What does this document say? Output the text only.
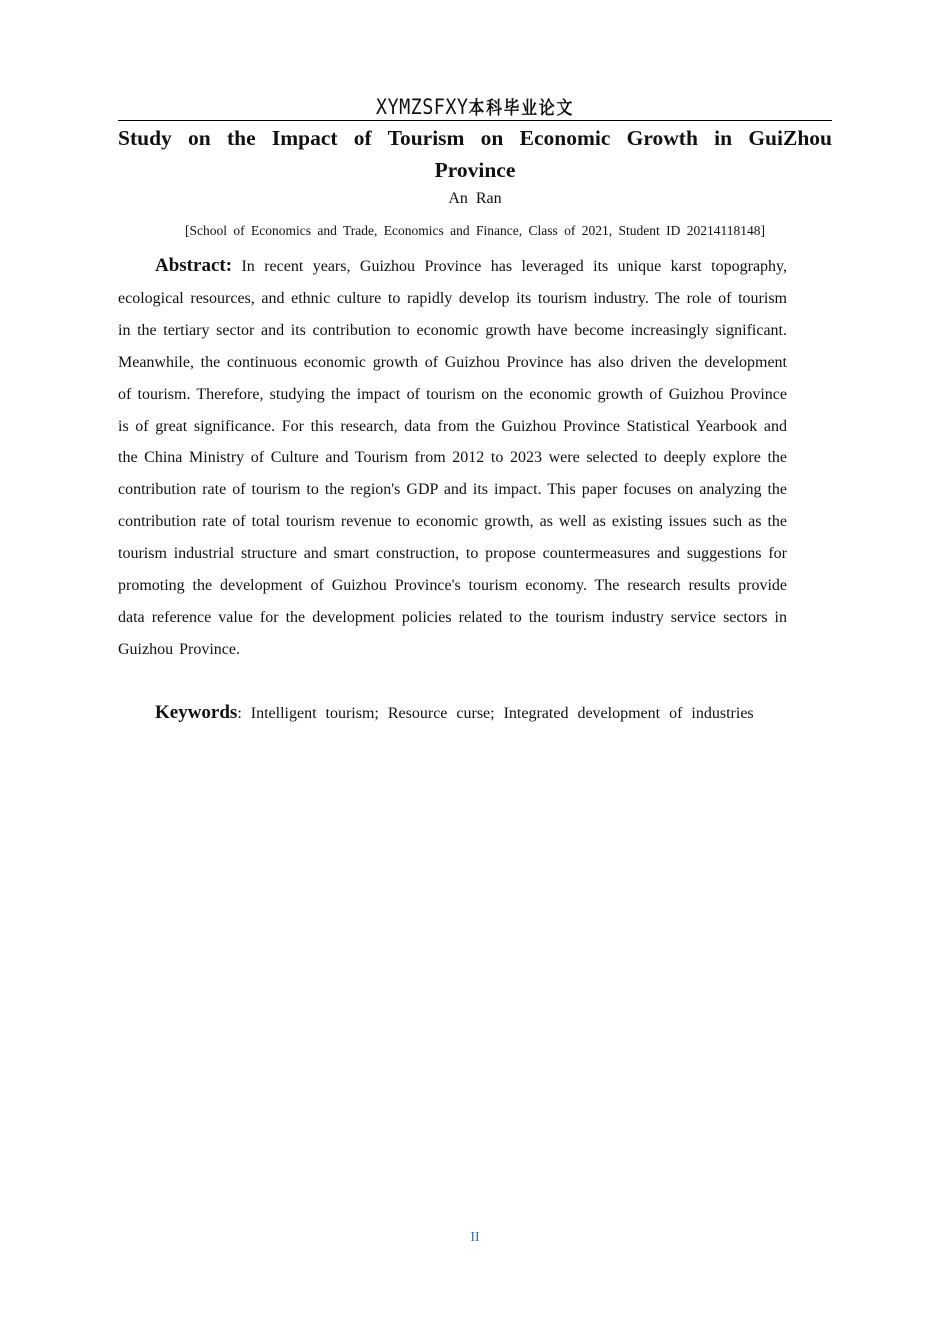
XYMZSFXY本科毕业论文
Study on the Impact of Tourism on Economic Growth in GuiZhou Province
An Ran
[School of Economics and Trade, Economics and Finance, Class of 2021, Student ID 20214118148]

Abstract: In recent years, Guizhou Province has leveraged its unique karst topography, ecological resources, and ethnic culture to rapidly develop its tourism industry. The role of tourism in the tertiary sector and its contribution to economic growth have become increasingly significant. Meanwhile, the continuous economic growth of Guizhou Province has also driven the development of tourism. Therefore, studying the impact of tourism on the economic growth of Guizhou Province is of great significance. For this research, data from the Guizhou Province Statistical Yearbook and the China Ministry of Culture and Tourism from 2012 to 2023 were selected to deeply explore the contribution rate of tourism to the region's GDP and its impact. This paper focuses on analyzing the contribution rate of total tourism revenue to economic growth, as well as existing issues such as the tourism industrial structure and smart construction, to propose countermeasures and suggestions for promoting the development of Guizhou Province's tourism economy. The research results provide data reference value for the development policies related to the tourism industry service sectors in Guizhou Province.

Keywords: Intelligent tourism; Resource curse; Integrated development of industries

II
